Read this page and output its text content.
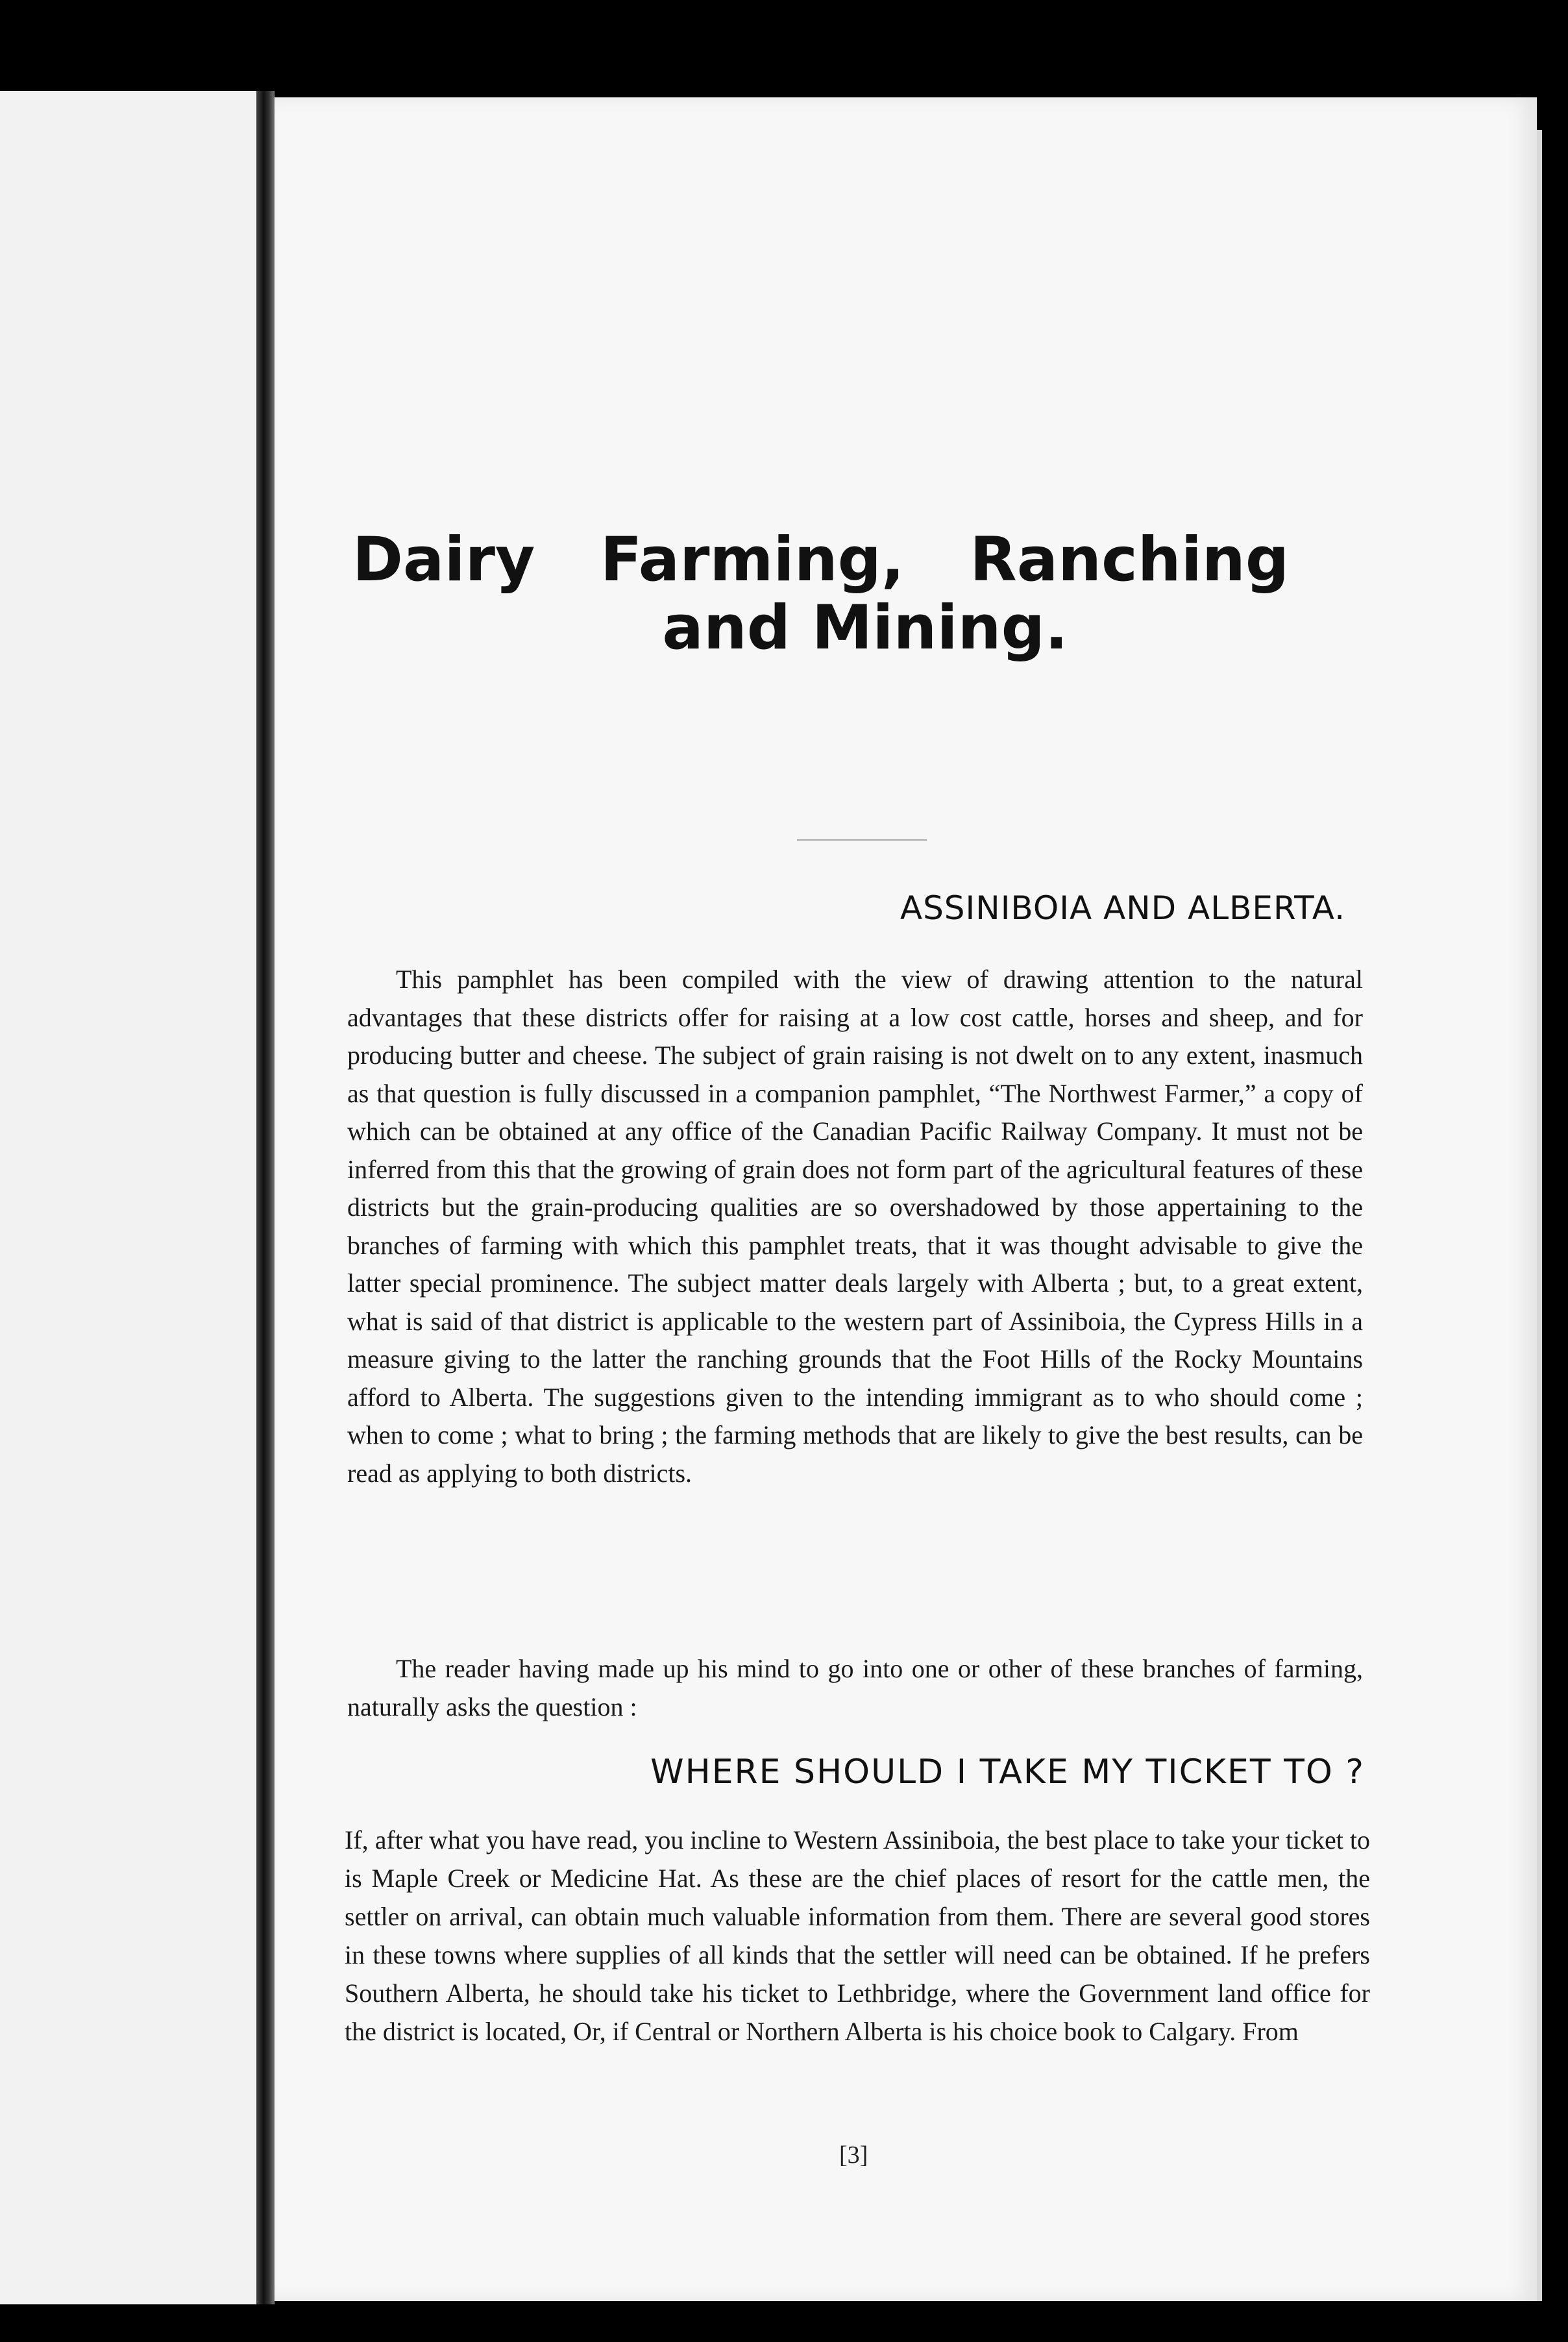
Dairy Farming, Ranching
and Mining.
ASSINIBOIA AND ALBERTA.

This pamphlet has been compiled with the view of drawing attention to the natural advantages that these districts offer for raising at a low cost cattle, horses and sheep, and for producing butter and cheese. The subject of grain raising is not dwelt on to any extent, inasmuch as that question is fully discussed in a companion pamphlet, “The Northwest Farmer,” a copy of which can be obtained at any office of the Canadian Pacific Railway Company. It must not be inferred from this that the growing of grain does not form part of the agricultural features of these districts but the grain-producing qualities are so overshadowed by those appertaining to the branches of farming with which this pamphlet treats, that it was thought advisable to give the latter special prominence. The subject matter deals largely with Alberta ; but, to a great extent, what is said of that district is applicable to the western part of Assiniboia, the Cypress Hills in a measure giving to the latter the ranching grounds that the Foot Hills of the Rocky Mountains afford to Alberta. The suggestions given to the intending immigrant as to who should come ; when to come ; what to bring ; the farming methods that are likely to give the best results, can be read as applying to both districts.

The reader having made up his mind to go into one or other of these branches of farming, naturally asks the question :

WHERE SHOULD I TAKE MY TICKET TO ?

If, after what you have read, you incline to Western Assiniboia, the best place to take your ticket to is Maple Creek or Medicine Hat. As these are the chief places of resort for the cattle men, the settler on arrival, can obtain much valuable information from them. There are several good stores in these towns where supplies of all kinds that the settler will need can be obtained. If he prefers Southern Alberta, he should take his ticket to Lethbridge, where the Government land office for the district is located, Or, if Central or Northern Alberta is his choice book to Calgary. From

[3]
